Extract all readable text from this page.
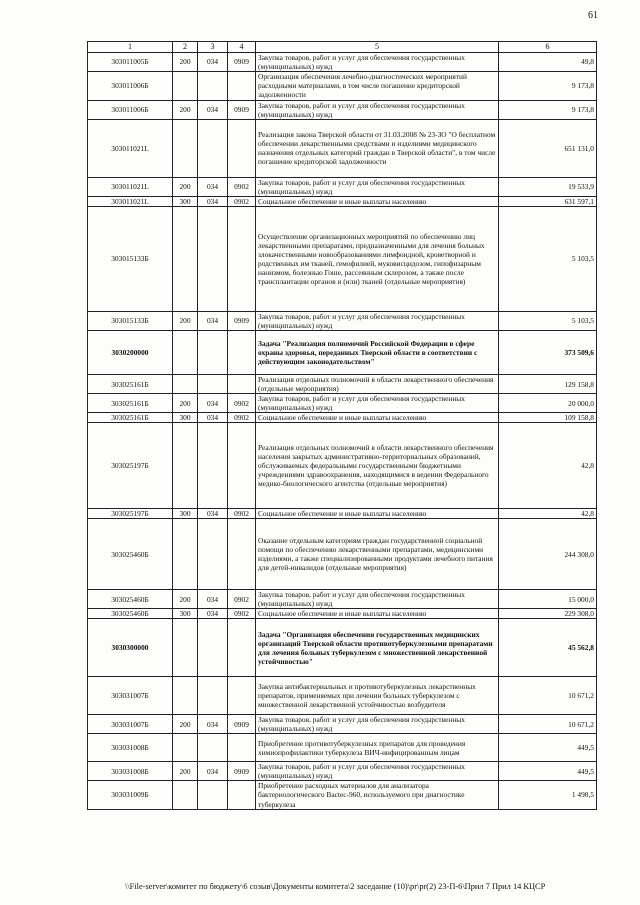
61
1	2	3	4	5	6
303011005Б	200	034	0909	Закупка товаров, работ и услуг для обеспечения государственных (муниципальных) нужд	49,8
303011006Б				Организация обеспечения лечебно-диагностических мероприятий расходными материалами, в том числе погашение кредиторской задолженности	9 173,8
303011006Б	200	034	0909	Закупка товаров, работ и услуг для обеспечения государственных (муниципальных) нужд	9 173,8
303011021L				Реализация закона Тверской области от 31.03.2008 № 23-ЗО "О бесплатном обеспечении лекарственными средствами и изделиями медицинского назначения отдельных категорий граждан в Тверской области", в том числе погашение кредиторской задолженности	651 131,0
303011021L	200	034	0902	Закупка товаров, работ и услуг для обеспечения государственных (муниципальных) нужд	19 533,9
303011021L	300	034	0902	Социальное обеспечение и иные выплаты населению	631 597,1
303015133Б				Осуществление организационных мероприятий по обеспечению лиц лекарственными препаратами, предназначенными для лечения больных злокачественными новообразованиями лимфоидной, кроветворной и родственных им тканей, гемофилией, муковисцидозом, гипофизарным нанизмом, болезнью Гоше, рассеянным склерозом, а также после трансплантации органов и (или) тканей (отдельные мероприятия)	5 103,5
303015133Б	200	034	0909	Закупка товаров, работ и услуг для обеспечения государственных (муниципальных) нужд	5 103,5
3030200000				Задача "Реализация полномочий Российской Федерации в сфере охраны здоровья, переданных Тверской области в соответствии с действующим законодательством"	373 509,6
303025161Б				Реализация отдельных полномочий в области лекарственного обеспечения (отдельные мероприятия)	129 158,8
303025161Б	200	034	0902	Закупка товаров, работ и услуг для обеспечения государственных (муниципальных) нужд	20 000,0
303025161Б	300	034	0902	Социальное обеспечение и иные выплаты населению	109 158,8
303025197Б				Реализация отдельных полномочий в области лекарственного обеспечения населения закрытых административно-территориальных образований, обслуживаемых федеральными государственными бюджетными учреждениями здравоохранения, находящимися в ведении Федерального медико-биологического агентства (отдельные мероприятия)	42,8
303025197Б	300	034	0902	Социальное обеспечение и иные выплаты населению	42,8
303025460Б				Оказание отдельным категориям граждан государственной социальной помощи по обеспечению лекарственными препаратами, медицинскими изделиями, а также специализированными продуктами лечебного питания для детей-инвалидов (отдельные мероприятия)	244 308,0
303025460Б	200	034	0902	Закупка товаров, работ и услуг для обеспечения государственных (муниципальных) нужд	15 000,0
303025460Б	300	034	0902	Социальное обеспечение и иные выплаты населению	229 308,0
3030300000				Задача "Организация обеспечения государственных медицинских организаций Тверской области противотуберкулезными препаратами для лечения больных туберкулезом с множественной лекарственной устойчивостью"	45 562,8
303031007Б				Закупка антибактериальных и противотуберкулезных лекарственных препаратов, применяемых при лечении больных туберкулезом с множественной лекарственной устойчивостью возбудителя	10 671,2
303031007Б	200	034	0909	Закупка товаров, работ и услуг для обеспечения государственных (муниципальных) нужд	10 671,2
303031008Б				Приобретение противотуберкулезных препаратов для проведения химиопрофилактики туберкулеза ВИЧ-инфицированным лицам	449,5
303031008Б	200	034	0909	Закупка товаров, работ и услуг для обеспечения государственных (муниципальных) нужд	449,5
303031009Б				Приобретение расходных материалов для анализатора бактериологического Bactec-960, используемого при диагностике туберкулеза	1 498,5
\\File-server\комитет по бюджету\6 созыв\Документы комитета\2 заседание (10)\pr\pr(2) 23-П-6\Прил 7 Прил 14 КЦСР
